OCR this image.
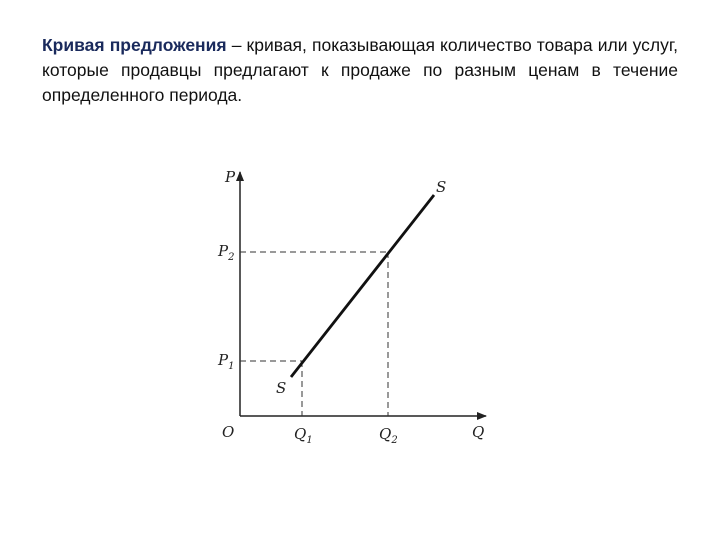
Кривая предложения – кривая, показывающая количество товара или услуг, которые продавцы предлагают к продаже по разным ценам в течение определенного периода.

P
Q
O
S
S
$P_2$
$P_1$
$Q_1$	$Q_2$
